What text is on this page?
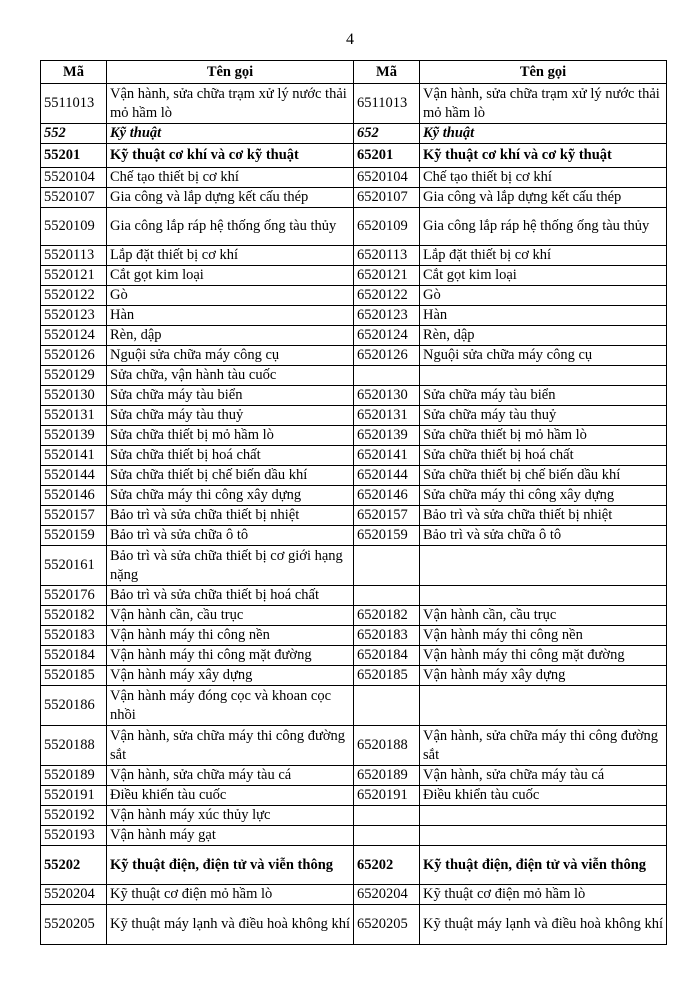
4
Mã	Tên gọi	Mã	Tên gọi
5511013	Vận hành, sửa chữa trạm xử lý nước thải mỏ hầm lò	6511013	Vận hành, sửa chữa trạm xử lý nước thải mỏ hầm lò
552	Kỹ thuật	652	Kỹ thuật
55201	Kỹ thuật cơ khí và cơ kỹ thuật	65201	Kỹ thuật cơ khí và cơ kỹ thuật
5520104	Chế tạo thiết bị cơ khí	6520104	Chế tạo thiết bị cơ khí
5520107	Gia công và lắp dựng kết cấu thép	6520107	Gia công và lắp dựng kết cấu thép
5520109	Gia công lắp ráp hệ thống ống tàu thủy	6520109	Gia công lắp ráp hệ thống ống tàu thủy
5520113	Lắp đặt thiết bị cơ khí	6520113	Lắp đặt thiết bị cơ khí
5520121	Cắt gọt kim loại	6520121	Cắt gọt kim loại
5520122	Gò	6520122	Gò
5520123	Hàn	6520123	Hàn
5520124	Rèn, dập	6520124	Rèn, dập
5520126	Nguội sửa chữa máy công cụ	6520126	Nguội sửa chữa máy công cụ
5520129	Sửa chữa, vận hành tàu cuốc		
5520130	Sửa chữa máy tàu biển	6520130	Sửa chữa máy tàu biển
5520131	Sửa chữa máy tàu thuỷ	6520131	Sửa chữa máy tàu thuỷ
5520139	Sửa chữa thiết bị mỏ hầm lò	6520139	Sửa chữa thiết bị mỏ hầm lò
5520141	Sửa chữa thiết bị hoá chất	6520141	Sửa chữa thiết bị hoá chất
5520144	Sửa chữa thiết bị chế biến dầu khí	6520144	Sửa chữa thiết bị chế biến dầu khí
5520146	Sửa chữa máy thi công xây dựng	6520146	Sửa chữa máy thi công xây dựng
5520157	Bảo trì và sửa chữa thiết bị nhiệt	6520157	Bảo trì và sửa chữa thiết bị nhiệt
5520159	Bảo trì và sửa chữa ô tô	6520159	Bảo trì và sửa chữa ô tô
5520161	Bảo trì và sửa chữa thiết bị cơ giới hạng nặng		
5520176	Bảo trì và sửa chữa thiết bị hoá chất		
5520182	Vận hành cần, cầu trục	6520182	Vận hành cần, cầu trục
5520183	Vận hành máy thi công nền	6520183	Vận hành máy thi công nền
5520184	Vận hành máy thi công mặt đường	6520184	Vận hành máy thi công mặt đường
5520185	Vận hành máy xây dựng	6520185	Vận hành máy xây dựng
5520186	Vận hành máy đóng cọc và khoan cọc nhồi		
5520188	Vận hành, sửa chữa máy thi công đường sắt	6520188	Vận hành, sửa chữa máy thi công đường sắt
5520189	Vận hành, sửa chữa máy tàu cá	6520189	Vận hành, sửa chữa máy tàu cá
5520191	Điều khiển tàu cuốc	6520191	Điều khiển tàu cuốc
5520192	Vận hành máy xúc thủy lực		
5520193	Vận hành máy gạt		
55202	Kỹ thuật điện, điện tử và viễn thông	65202	Kỹ thuật điện, điện tử và viễn thông
5520204	Kỹ thuật cơ điện mỏ hầm lò	6520204	Kỹ thuật cơ điện mỏ hầm lò
5520205	Kỹ thuật máy lạnh và điều hoà không khí	6520205	Kỹ thuật máy lạnh và điều hoà không khí
